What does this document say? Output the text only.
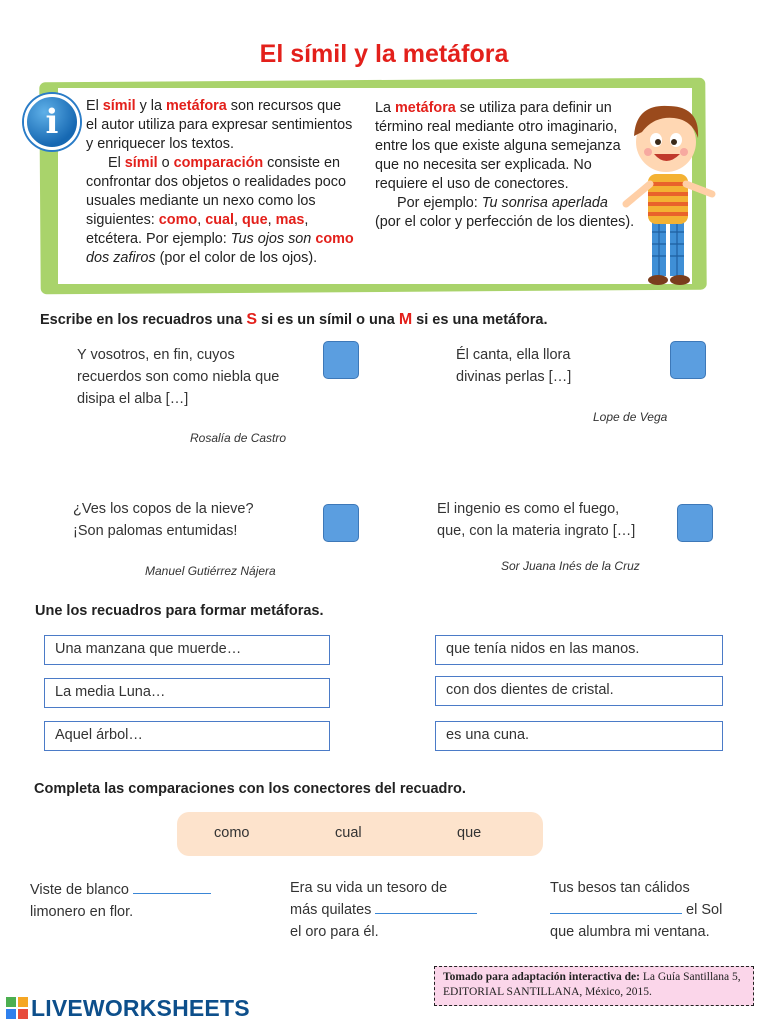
El símil y la metáfora
i	El símil y la metáfora son recursos que el autor utiliza para expresar sentimientos y enriquecer los textos.
El símil o comparación consiste en confrontar dos objetos o realidades poco usuales mediante un nexo como los siguientes: como, cual, que, mas, etcétera. Por ejemplo: Tus ojos son como dos zafiros (por el color de los ojos).
La metáfora se utiliza para definir un término real mediante otro imaginario, entre los que existe alguna semejanza que no necesita ser explicada. No requiere el uso de conectores.
Por ejemplo: Tu sonrisa aperlada (por el color y perfección de los dientes).
Escribe en los recuadros una S si es un símil o una M si es una metáfora.
Y vosotros, en fin, cuyos
recuerdos son como niebla que
disipa el alba […]
Rosalía de Castro
Él canta, ella llora
divinas perlas […]
Lope de Vega
¿Ves los copos de la nieve?
¡Son palomas entumidas!
Manuel Gutiérrez Nájera
El ingenio es como el fuego,
que, con la materia ingrato […]
Sor Juana Inés de la Cruz
Une los recuadros para formar metáforas.
Una manzana que muerde…
La media Luna…
Aquel árbol…
que tenía nidos en las manos.
con dos dientes de cristal.
es una cuna.
Completa las comparaciones con los conectores del recuadro.
como	cual	que
Viste de blanco
limonero en flor.
Era su vida un tesoro de
más quilates
el oro para él.
Tus besos tan cálidos
el Sol
que alumbra mi ventana.
Tomado para adaptación interactiva de: La Guía Santillana 5, EDITORIAL SANTILLANA, México, 2015.
LIVEWORKSHEETS
